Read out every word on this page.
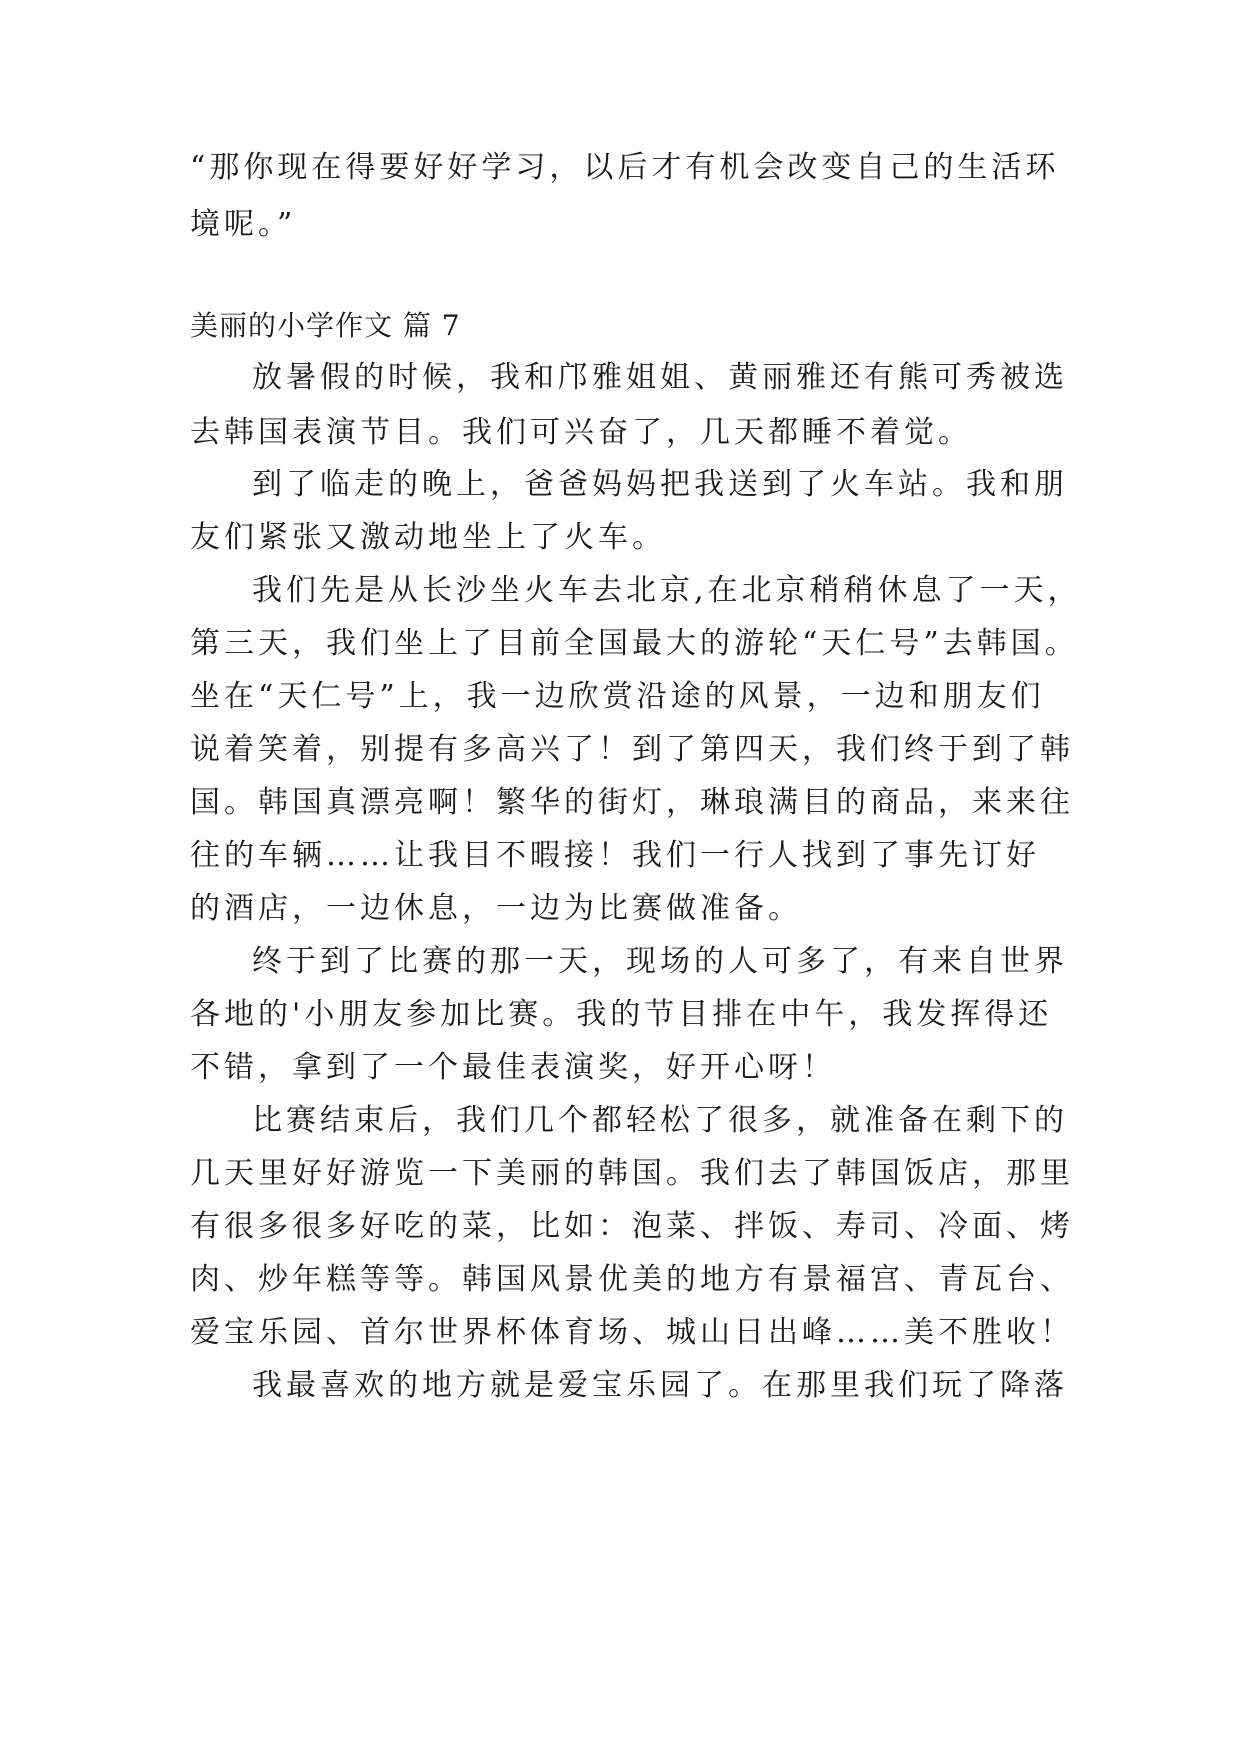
“那你现在得要好好学习，以后才有机会改变自己的生活环
境呢。”
美丽的小学作文 篇 7
放暑假的时候，我和邝雅姐姐、黄丽雅还有熊可秀被选
去韩国表演节目。我们可兴奋了，几天都睡不着觉。
到了临走的晚上，爸爸妈妈把我送到了火车站。我和朋
友们紧张又激动地坐上了火车。
我们先是从长沙坐火车去北京,在北京稍稍休息了一天，
第三天，我们坐上了目前全国最大的游轮“天仁号”去韩国。
坐在“天仁号”上，我一边欣赏沿途的风景，一边和朋友们
说着笑着，别提有多高兴了！到了第四天，我们终于到了韩
国。韩国真漂亮啊！繁华的街灯，琳琅满目的商品，来来往
往的车辆……让我目不暇接！我们一行人找到了事先订好
的酒店，一边休息，一边为比赛做准备。
终于到了比赛的那一天，现场的人可多了，有来自世界
各地的'小朋友参加比赛。我的节目排在中午，我发挥得还
不错，拿到了一个最佳表演奖，好开心呀！
比赛结束后，我们几个都轻松了很多，就准备在剩下的
几天里好好游览一下美丽的韩国。我们去了韩国饭店，那里
有很多很多好吃的菜，比如：泡菜、拌饭、寿司、冷面、烤
肉、炒年糕等等。韩国风景优美的地方有景福宫、青瓦台、
爱宝乐园、首尔世界杯体育场、城山日出峰……美不胜收！
我最喜欢的地方就是爱宝乐园了。在那里我们玩了降落
